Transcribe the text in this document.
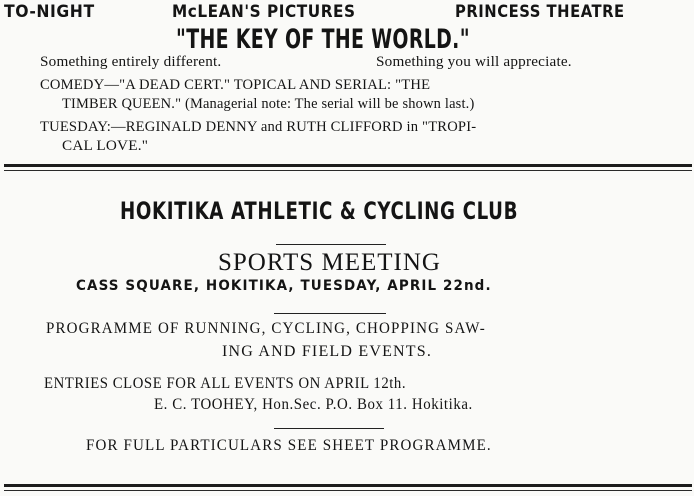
TO-NIGHT	McLEAN'S PICTURES	PRINCESS THEATRE
"THE KEY OF THE WORLD."
Something entirely different.	Something you will appreciate.
COMEDY—"A DEAD CERT." TOPICAL AND SERIAL: "THE
TIMBER QUEEN." (Managerial note: The serial will be shown last.)
TUESDAY:—REGINALD DENNY and RUTH CLIFFORD in "TROPI-
CAL LOVE."
HOKITIKA ATHLETIC & CYCLING CLUB
SPORTS MEETING
CASS SQUARE, HOKITIKA, TUESDAY, APRIL 22nd.
PROGRAMME OF RUNNING, CYCLING, CHOPPING SAW-
ING AND FIELD EVENTS.
ENTRIES CLOSE FOR ALL EVENTS ON APRIL 12th.
E. C. TOOHEY, Hon.Sec. P.O. Box 11. Hokitika.
FOR FULL PARTICULARS SEE SHEET PROGRAMME.
